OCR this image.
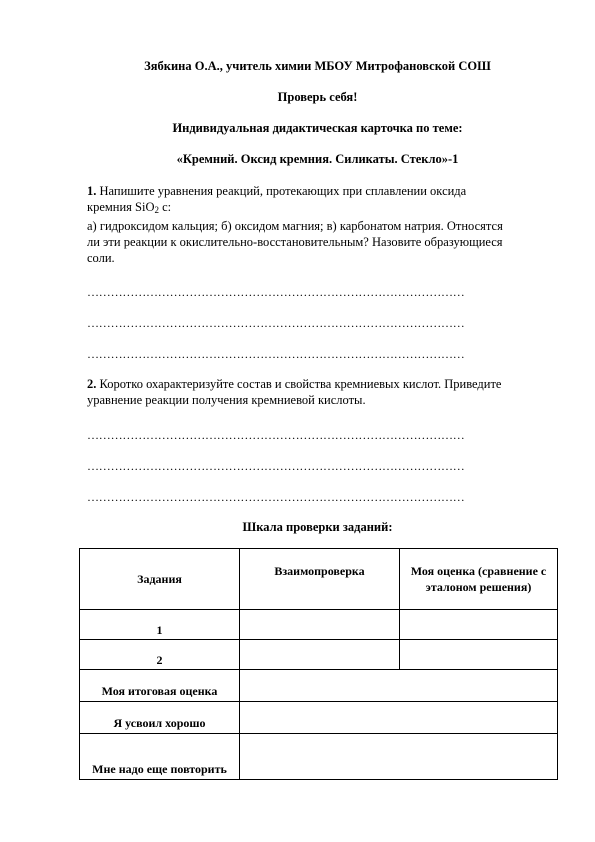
Зябкина О.А., учитель химии МБОУ Митрофановской СОШ
Проверь себя!
Индивидуальная дидактическая карточка по теме:
«Кремний. Оксид кремния. Силикаты. Стекло»-1
1. Напишите уравнения реакций, протекающих при сплавлении оксида
кремния SiO$_2$ с:
а) гидроксидом кальция; б) оксидом магния; в) карбонатом натрия. Относятся
ли эти реакции к окислительно-восстановительным? Назовите образующиеся
соли.
……………………………………………………………………………………
……………………………………………………………………………………
……………………………………………………………………………………
2. Коротко охарактеризуйте состав и свойства кремниевых кислот. Приведите
уравнение реакции получения кремниевой кислоты.
……………………………………………………………………………………
……………………………………………………………………………………
……………………………………………………………………………………
Шкала проверки заданий:
Задания	Взаимопроверка	Моя оценка (сравнение с эталоном решения)
1		
2		
Моя итоговая оценка		
Я усвоил хорошо		
Мне надо еще повторить		
